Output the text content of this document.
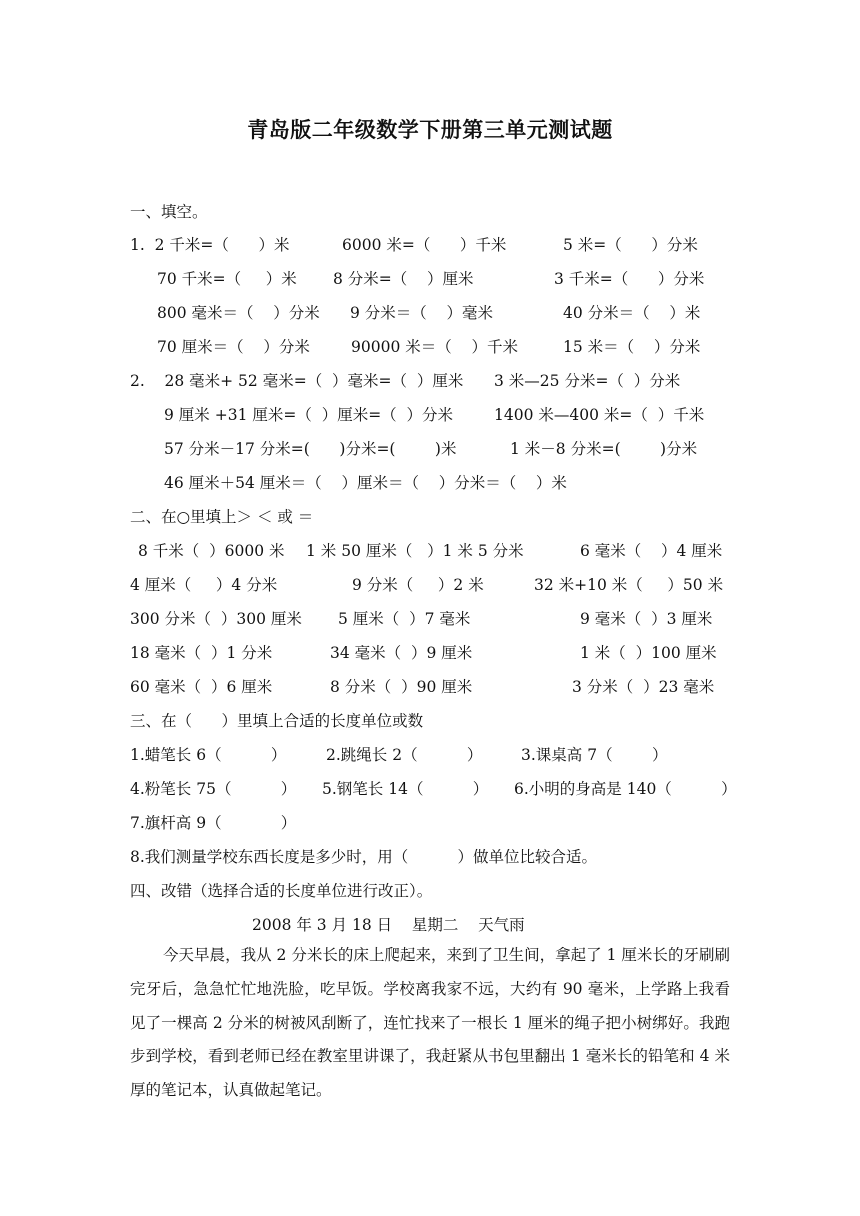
青岛版二年级数学下册第三单元测试题
一、填空。
1.  2 千米=（      ）米	6000 米=（      ）千米	5 米=（      ）分米
70 千米=（     ）米 8 分米=（    ）厘米	3 千米=（      ）分米
800 毫米＝（    ）分米 9 分米＝（    ）毫米	40 分米＝（    ）米
70 厘米＝（    ）分米	90000 米＝（    ）千米	15 米＝（    ）分米
2.    28 毫米+ 52 毫米=（  ）毫米=（  ）厘米 3 米—25 分米=（  ）分米
9 厘米 +31 厘米=（  ）厘米=（  ）分米	1400 米—400 米=（  ）千米
57 分米－17 分米=(      )分米=(        )米	1 米－8 分米=(        )分米
46 厘米＋54 厘米＝（    ）厘米＝（    ）分米＝（    ）米
二、在○里填上＞ ＜ 或 ＝
8 千米（  ）6000 米 1 米 50 厘米（   ）1 米 5 分米	6 毫米（    ）4 厘米
4 厘米（     ）4 分米	9 分米（     ）2 米	32 米+10 米（     ）50 米
300 分米（  ）300 厘米 5 厘米（  ）7 毫米	9 毫米（  ）3 厘米
18 毫米（  ）1 分米	34 毫米（  ）9 厘米	1 米（  ）100 厘米
60 毫米（  ）6 厘米	8 分米（  ）90 厘米	3 分米（  ）23 毫米
三、在（      ）里填上合适的长度单位或数
1.蜡笔长 6（          ）	2.跳绳长 2（          ） 3.课桌高 7（        ）
4.粉笔长 75（          ） 5.钢笔长 14（          ） 6.小明的身高是 140（          ）
7.旗杆高 9（            ）
8.我们测量学校东西长度是多少时，用（          ）做单位比较合适。
四、改错（选择合适的长度单位进行改正）。
2008 年 3 月 18 日    星期二    天气雨
今天早晨，我从 2 分米长的床上爬起来，来到了卫生间，拿起了 1 厘米长的牙刷刷完牙后，急急忙忙地洗脸，吃早饭。学校离我家不远，大约有 90 毫米，上学路上我看见了一棵高 2 分米的树被风刮断了，连忙找来了一根长 1 厘米的绳子把小树绑好。我跑步到学校，看到老师已经在教室里讲课了，我赶紧从书包里翻出 1 毫米长的铅笔和 4 米厚的笔记本，认真做起笔记。
